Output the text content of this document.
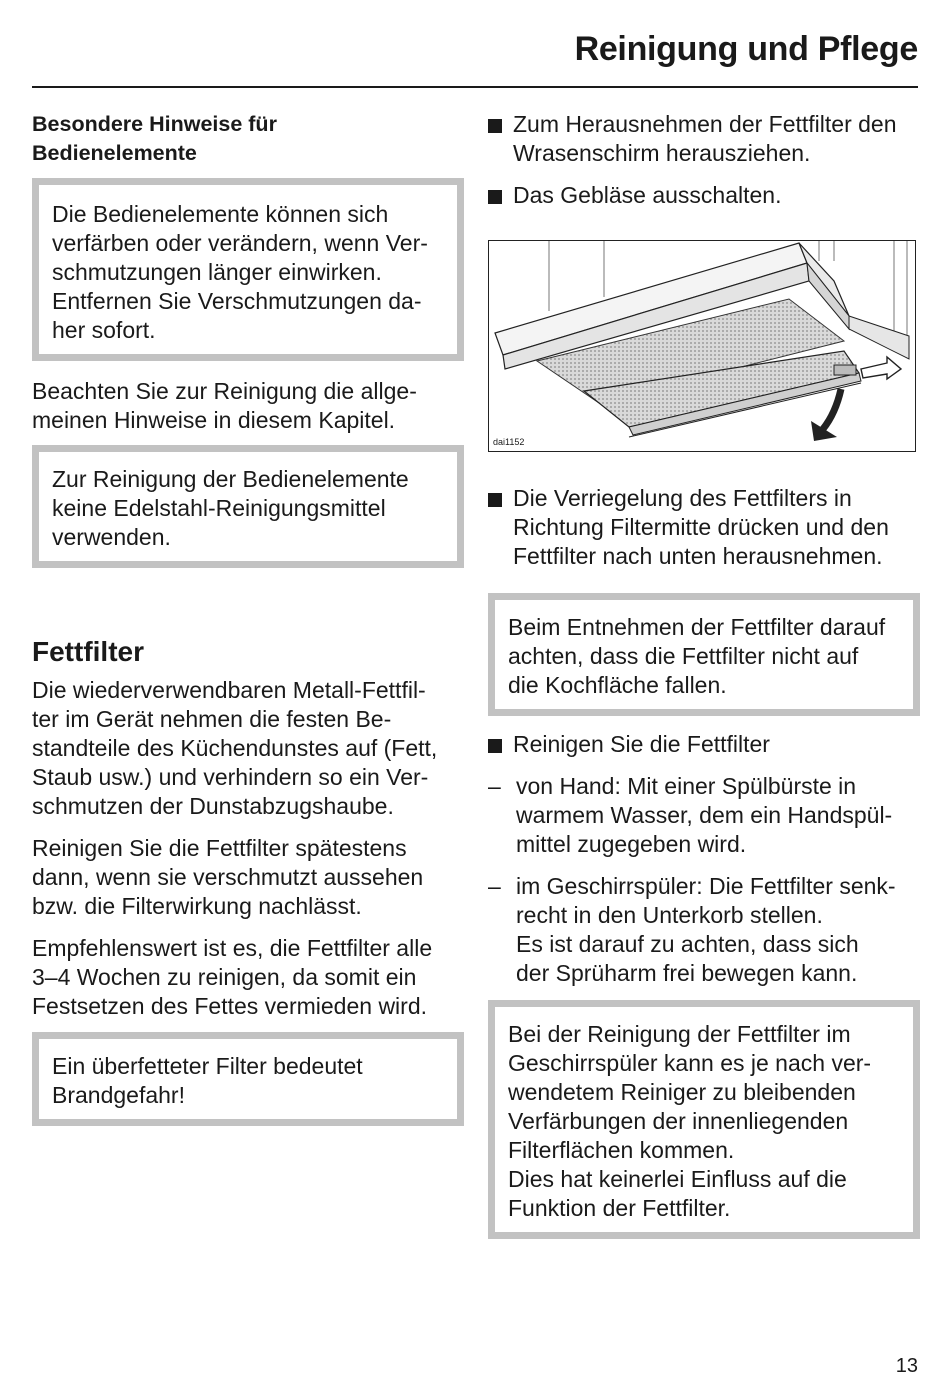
Reinigung und Pflege
Besondere Hinweise für
Bedienelemente
Die Bedienelemente können sich
verfärben oder verändern, wenn Ver-
schmutzungen länger einwirken.
Entfernen Sie Verschmutzungen da-
her sofort.

Beachten Sie zur Reinigung die allge-
meinen Hinweise in diesem Kapitel.

Zur Reinigung der Bedienelemente
keine Edelstahl-Reinigungsmittel
verwenden.
Fettfilter

Die wiederverwendbaren Metall-Fettfil-
ter im Gerät nehmen die festen Be-
standteile des Küchendunstes auf (Fett,
Staub usw.) und verhindern so ein Ver-
schmutzen der Dunstabzugshaube.

Reinigen Sie die Fettfilter spätestens
dann, wenn sie verschmutzt aussehen
bzw. die Filterwirkung nachlässt.

Empfehlenswert ist es, die Fettfilter alle
3–4 Wochen zu reinigen, da somit ein
Festsetzen des Fettes vermieden wird.

Ein überfetteter Filter bedeutet
Brandgefahr!
Zum Herausnehmen der Fettfilter den
Wrasenschirm herausziehen.
Das Gebläse ausschalten.
dai1152
Die Verriegelung des Fettfilters in
Richtung Filtermitte drücken und den
Fettfilter nach unten herausnehmen.
Beim Entnehmen der Fettfilter darauf
achten, dass die Fettfilter nicht auf
die Kochfläche fallen.
Reinigen Sie die Fettfilter
– von Hand: Mit einer Spülbürste in
warmem Wasser, dem ein Handspül-
mittel zugegeben wird.
– im Geschirrspüler: Die Fettfilter senk-
recht in den Unterkorb stellen.
Es ist darauf zu achten, dass sich
der Sprüharm frei bewegen kann.
Bei der Reinigung der Fettfilter im
Geschirrspüler kann es je nach ver-
wendetem Reiniger zu bleibenden
Verfärbungen der innenliegenden
Filterflächen kommen.
Dies hat keinerlei Einfluss auf die
Funktion der Fettfilter.
13
